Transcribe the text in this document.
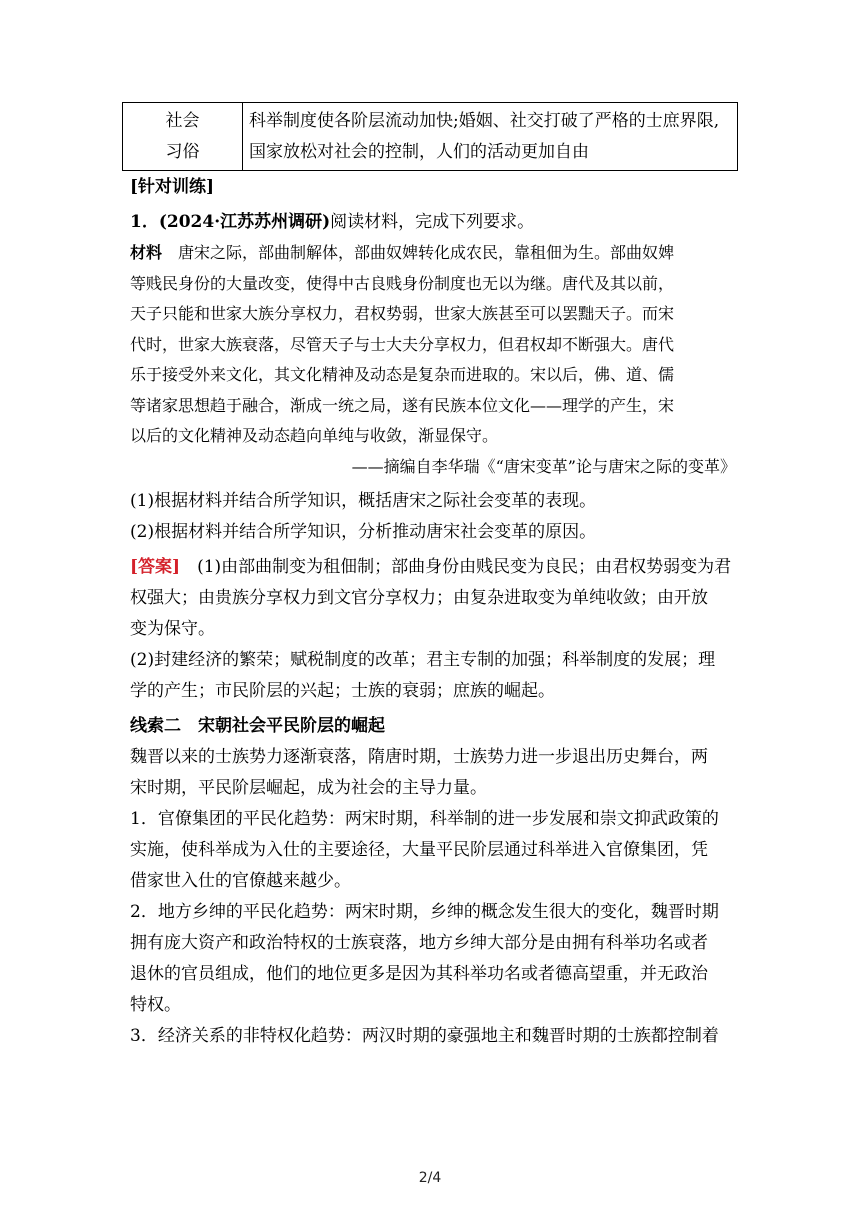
社会
习俗
科举制度使各阶层流动加快;婚姻、社交打破了严格的士庶界限,
国家放松对社会的控制，人们的活动更加自由

[针对训练]

1．(2024·江苏苏州调研)阅读材料，完成下列要求。

材料　 唐宋之际，部曲制解体，部曲奴婢转化成农民，靠租佃为生。部曲奴婢

等贱民身份的大量改变，使得中古良贱身份制度也无以为继。唐代及其以前，

天子只能和世家大族分享权力，君权势弱，世家大族甚至可以罢黜天子。而宋

代时，世家大族衰落，尽管天子与士大夫分享权力，但君权却不断强大。唐代

乐于接受外来文化，其文化精神及动态是复杂而进取的。宋以后，佛、道、儒

等诸家思想趋于融合，渐成一统之局，遂有民族本位文化——理学的产生，宋

以后的文化精神及动态趋向单纯与收敛，渐显保守。

——摘编自李华瑞《“唐宋变革”论与唐宋之际的变革》

(1)根据材料并结合所学知识，概括唐宋之际社会变革的表现。

(2)根据材料并结合所学知识，分析推动唐宋社会变革的原因。

[答案]　 (1)由部曲制变为租佃制；部曲身份由贱民变为良民；由君权势弱变为君

权强大；由贵族分享权力到文官分享权力；由复杂进取变为单纯收敛；由开放

变为保守。

(2)封建经济的繁荣；赋税制度的改革；君主专制的加强；科举制度的发展；理

学的产生；市民阶层的兴起；士族的衰弱；庶族的崛起。

线索二　宋朝社会平民阶层的崛起

魏晋以来的士族势力逐渐衰落，隋唐时期，士族势力进一步退出历史舞台，两

宋时期，平民阶层崛起，成为社会的主导力量。

1．官僚集团的平民化趋势：两宋时期，科举制的进一步发展和崇文抑武政策的

实施，使科举成为入仕的主要途径，大量平民阶层通过科举进入官僚集团，凭

借家世入仕的官僚越来越少。

2．地方乡绅的平民化趋势：两宋时期，乡绅的概念发生很大的变化，魏晋时期

拥有庞大资产和政治特权的士族衰落，地方乡绅大部分是由拥有科举功名或者

退休的官员组成，他们的地位更多是因为其科举功名或者德高望重，并无政治

特权。

3．经济关系的非特权化趋势：两汉时期的豪强地主和魏晋时期的士族都控制着

2/4
